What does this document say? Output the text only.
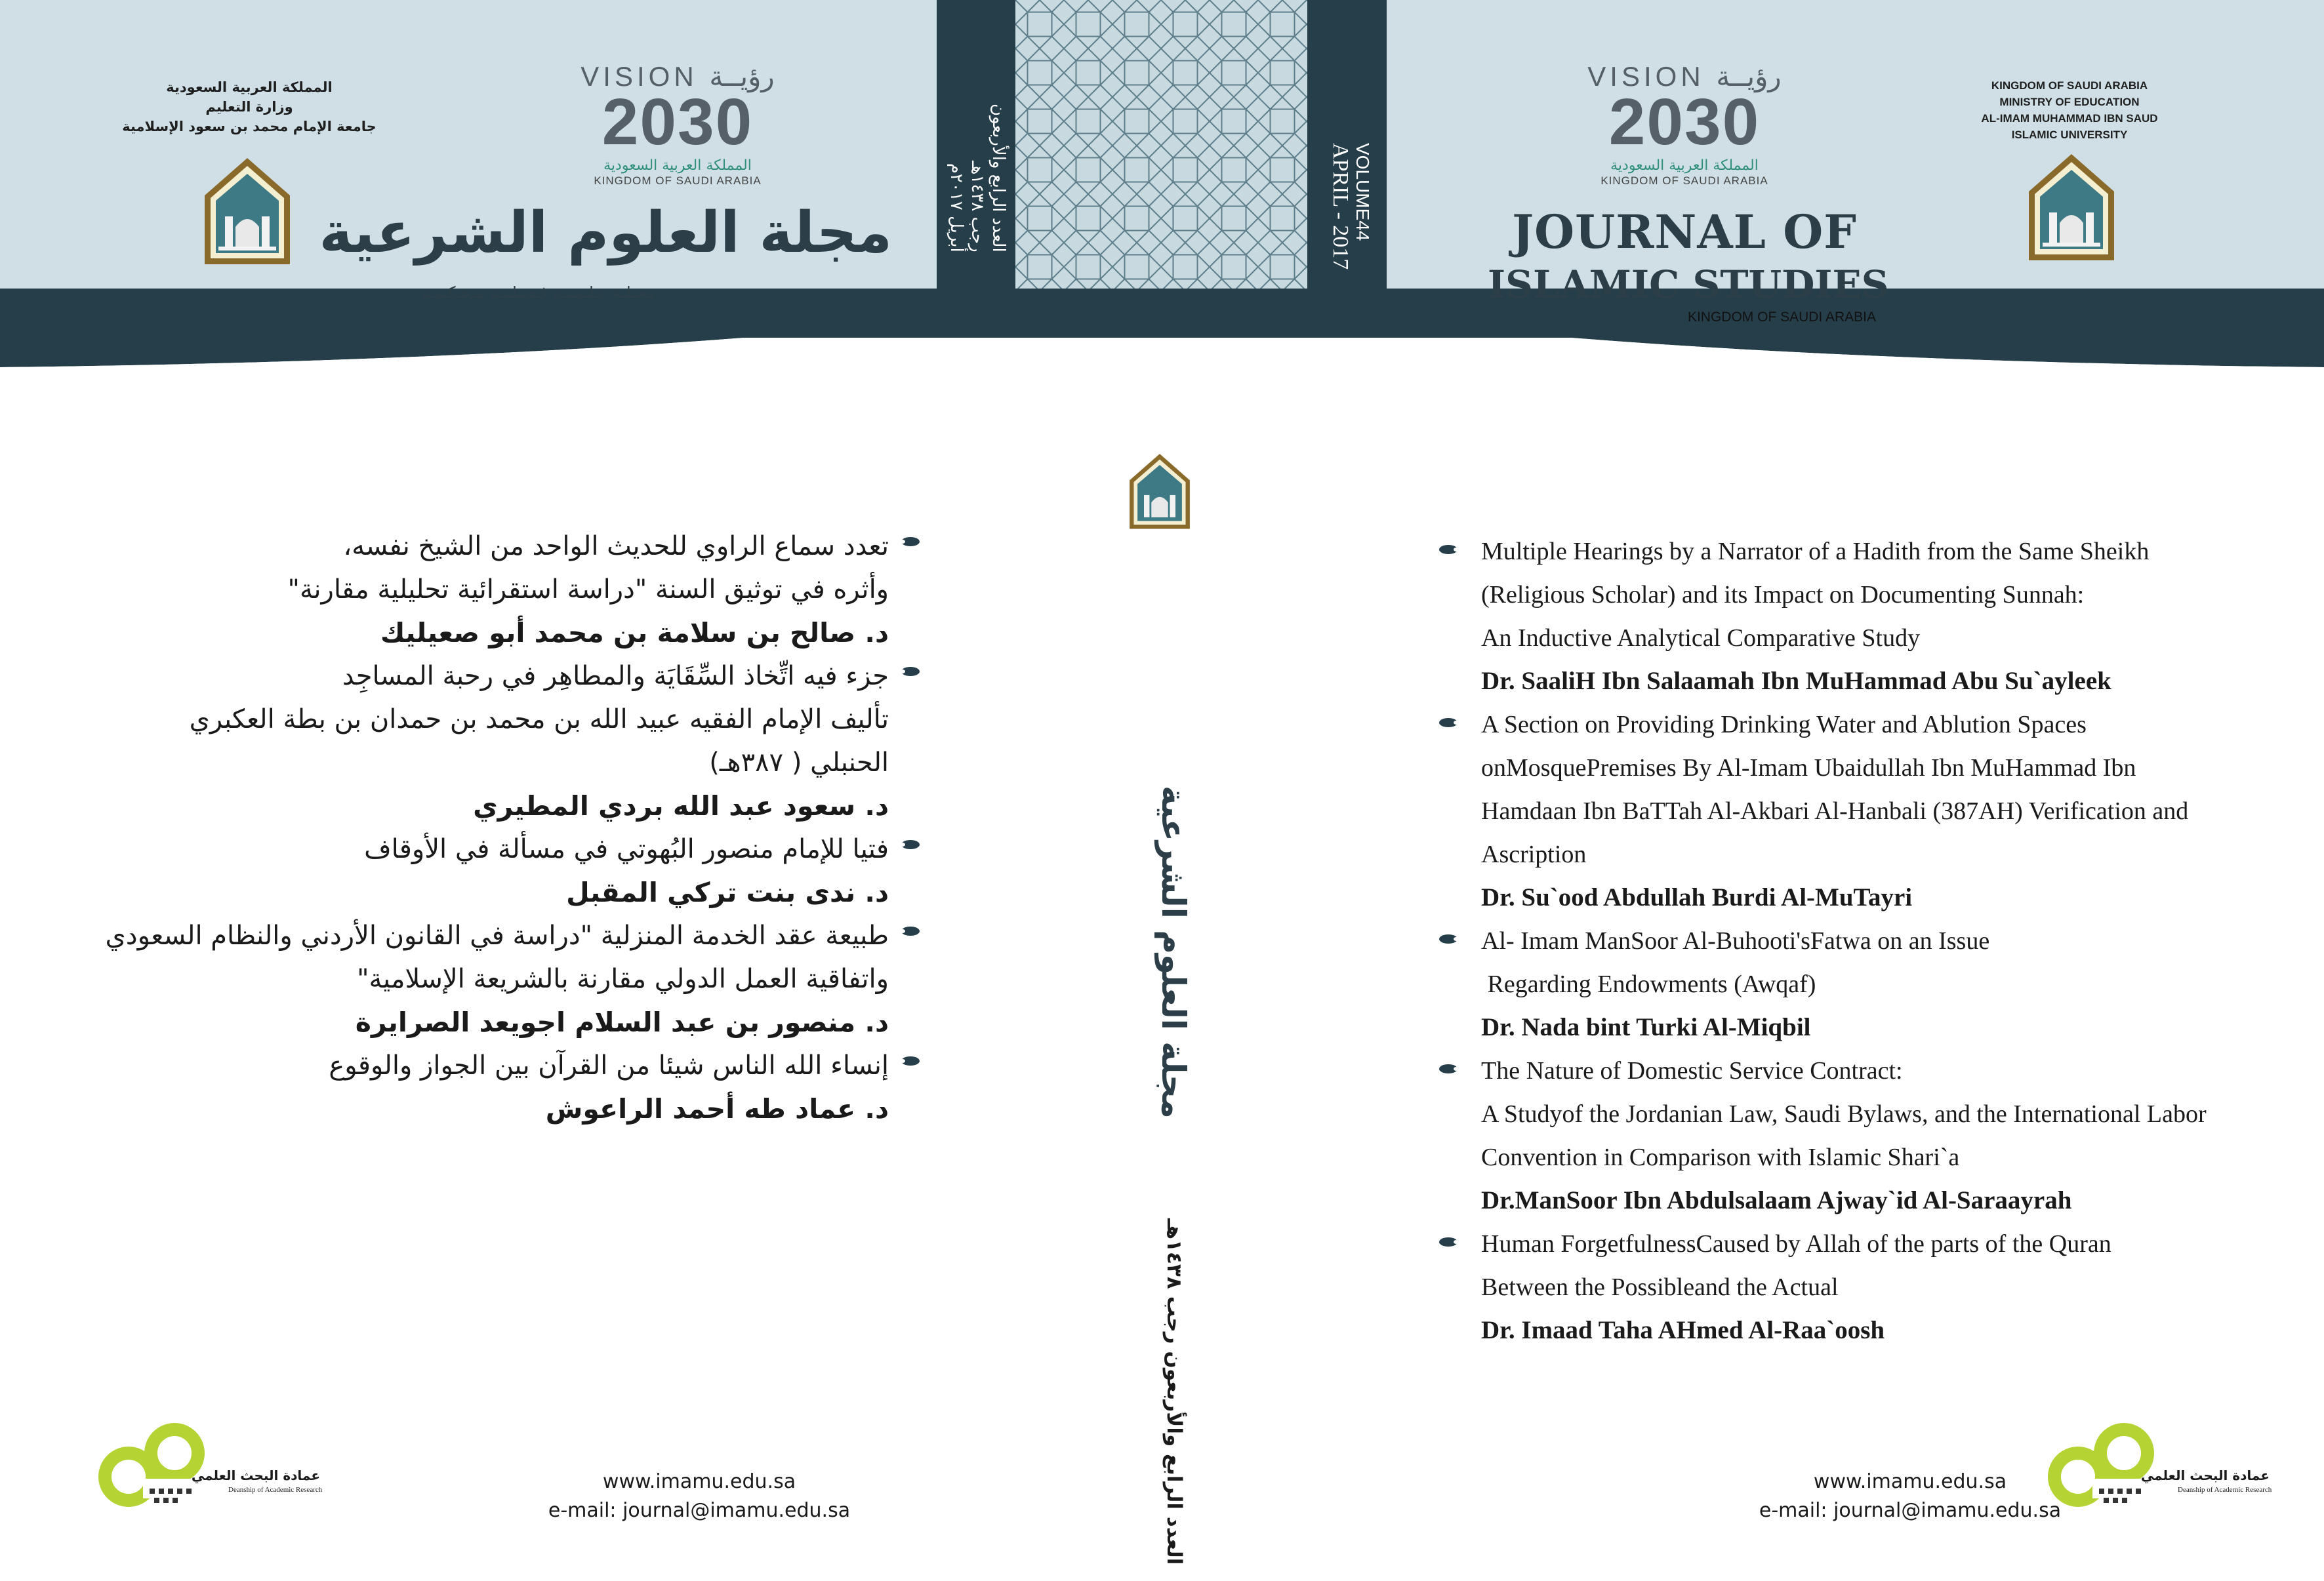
المملكة العربية السعودية
وزارة التعليم
جامعة الإمام محمد بن سعود الإسلامية
VISION رؤيــة
2030
المملكة العربية السعودية
KINGDOM OF SAUDI ARABIA
مجلة العلوم الشرعية
مجـلـة عـلـمـيـة فـصـلـيـة مـحـكـمـة
العدد الرابع والأربعون
رجب ١٤٣٨هـ
أبريل ٢٠١٧م	VOLUME44
APRIL - 2017
مجلة العلوم الشرعية
العدد الرابع والأربعون رجب ١٤٣٨هـ
VISION رؤيــة
2030
المملكة العربية السعودية
KINGDOM OF SAUDI ARABIA
JOURNAL OF
ISLAMIC STUDIES
KINGDOM OF SAUDI ARABIA
KINGDOM OF SAUDI ARABIA
MINISTRY OF EDUCATION
AL-IMAM MUHAMMAD IBN SAUD
ISLAMIC UNIVERSITY
تعدد سماع الراوي للحديث الواحد من الشيخ نفسه،
وأثره في توثيق السنة "دراسة استقرائية تحليلية مقارنة"
د. صالح بن سلامة بن محمد أبو صعيليك
جزء فيه اتِّخاذ السِّقَايَة والمطاهِر في رحبة المساجِد
تأليف الإمام الفقيه عبيد الله بن محمد بن حمدان بن بطة العكبري
الحنبلي ( ٣٨٧هـ)
د. سعود عبد الله بردي المطيري
فتيا للإمام منصور البُهوتي في مسألة في الأوقاف
د. ندى بنت تركي المقبل
طبيعة عقد الخدمة المنزلية "دراسة في القانون الأردني والنظام السعودي
واتفاقية العمل الدولي مقارنة بالشريعة الإسلامية"
د. منصور بن عبد السلام اجويعد الصرايرة
إنساء الله الناس شيئا من القرآن بين الجواز والوقوع
د. عماد طه أحمد الراعوش
Multiple Hearings by a Narrator of a Hadith from the Same Sheikh
(Religious Scholar) and its Impact on Documenting Sunnah:
An Inductive Analytical Comparative Study
Dr. SaaliH Ibn Salaamah Ibn MuHammad Abu Su`ayleek
A Section on Providing Drinking Water and Ablution Spaces
onMosquePremises By Al-Imam Ubaidullah Ibn MuHammad Ibn
Hamdaan Ibn BaTTah Al-Akbari Al-Hanbali (387AH) Verification and
Ascription
Dr. Su`ood Abdullah Burdi Al-MuTayri
Al- Imam ManSoor Al-Buhooti'sFatwa on an Issue
Regarding Endowments (Awqaf)
Dr. Nada bint Turki Al-Miqbil
The Nature of Domestic Service Contract:
A Studyof the Jordanian Law, Saudi Bylaws, and the International Labor
Convention in Comparison with Islamic Shari`a
Dr.ManSoor Ibn Abdulsalaam Ajway`id Al-Saraayrah
Human ForgetfulnessCaused by Allah of the parts of the Quran
Between the Possibleand the Actual
Dr. Imaad Taha AHmed Al-Raa`oosh
عمادة البحث العلمي
Deanship of Academic Research	www.imamu.edu.sa
e-mail: journal@imamu.edu.sa
www.imamu.edu.sa
e-mail: journal@imamu.edu.sa
عمادة البحث العلمي
Deanship of Academic Research
